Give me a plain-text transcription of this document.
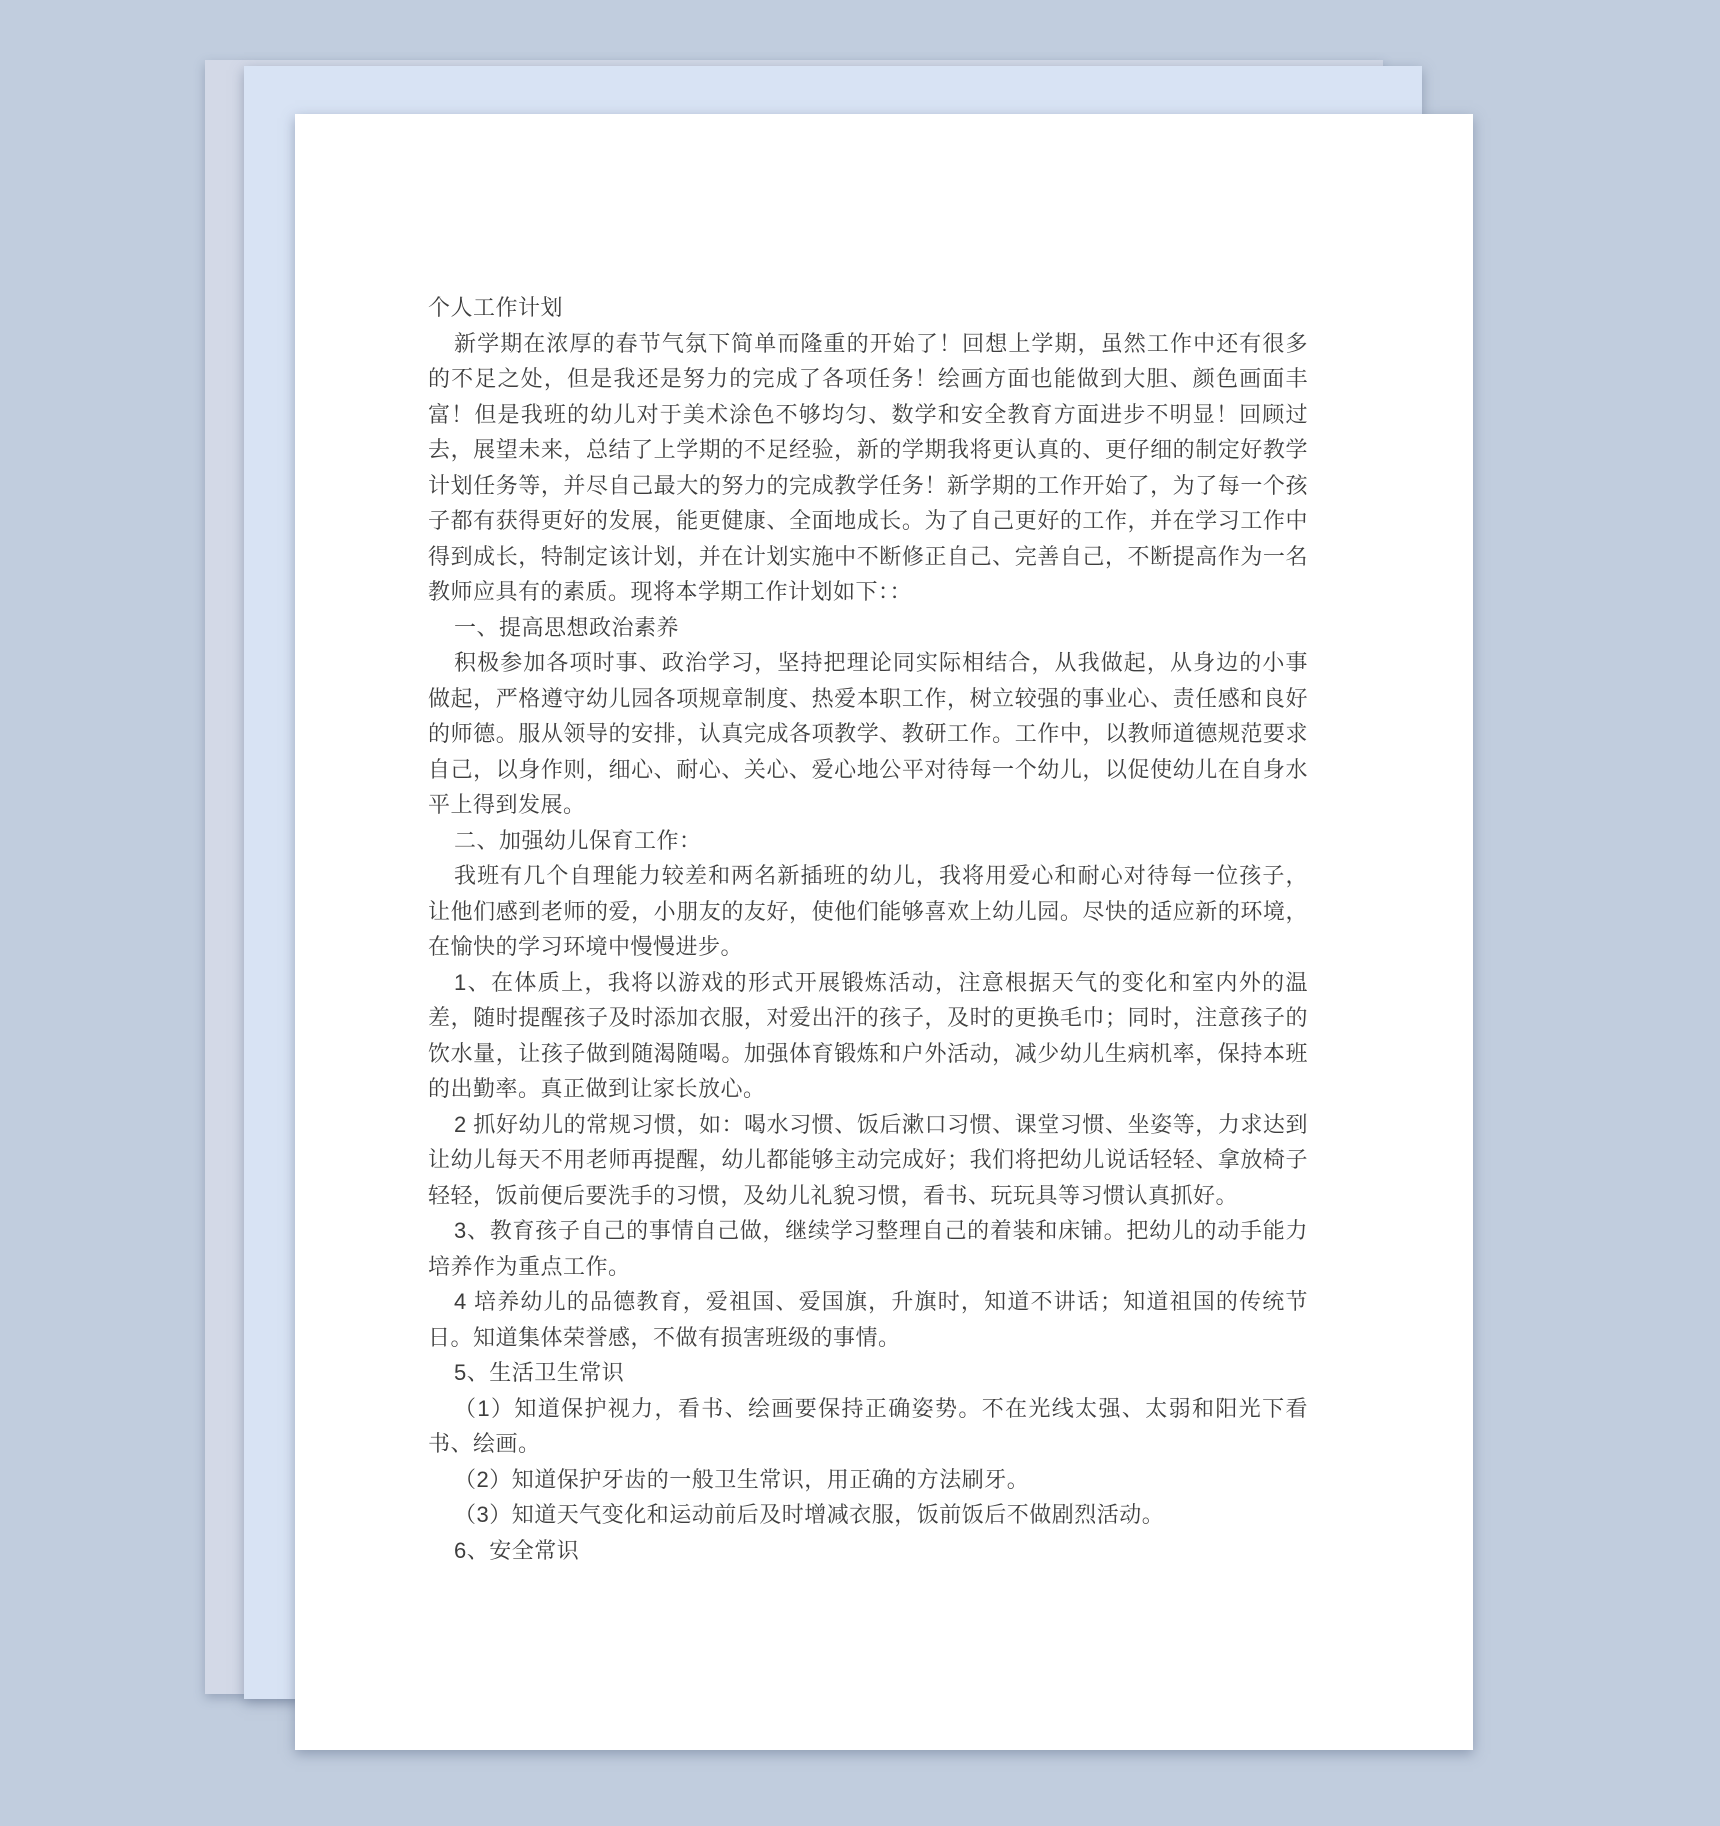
个人工作计划

新学期在浓厚的春节气氛下简单而隆重的开始了！回想上学期，虽然工作中还有很多的不足之处，但是我还是努力的完成了各项任务！绘画方面也能做到大胆、颜色画面丰富！但是我班的幼儿对于美术涂色不够均匀、数学和安全教育方面进步不明显！回顾过去，展望未来，总结了上学期的不足经验，新的学期我将更认真的、更仔细的制定好教学计划任务等，并尽自己最大的努力的完成教学任务！新学期的工作开始了，为了每一个孩子都有获得更好的发展，能更健康、全面地成长。为了自己更好的工作，并在学习工作中得到成长，特制定该计划，并在计划实施中不断修正自己、完善自己，不断提高作为一名教师应具有的素质。现将本学期工作计划如下：：

一、提高思想政治素养

积极参加各项时事、政治学习，坚持把理论同实际相结合，从我做起，从身边的小事做起，严格遵守幼儿园各项规章制度、热爱本职工作，树立较强的事业心、责任感和良好的师德。服从领导的安排，认真完成各项教学、教研工作。工作中，以教师道德规范要求自己，以身作则，细心、耐心、关心、爱心地公平对待每一个幼儿，以促使幼儿在自身水平上得到发展。

二、加强幼儿保育工作：

我班有几个自理能力较差和两名新插班的幼儿，我将用爱心和耐心对待每一位孩子，让他们感到老师的爱，小朋友的友好，使他们能够喜欢上幼儿园。尽快的适应新的环境，在愉快的学习环境中慢慢进步。

1、在体质上，我将以游戏的形式开展锻炼活动，注意根据天气的变化和室内外的温差，随时提醒孩子及时添加衣服，对爱出汗的孩子，及时的更换毛巾；同时，注意孩子的饮水量，让孩子做到随渴随喝。加强体育锻炼和户外活动，减少幼儿生病机率，保持本班的出勤率。真正做到让家长放心。

2 抓好幼儿的常规习惯，如：喝水习惯、饭后漱口习惯、课堂习惯、坐姿等，力求达到让幼儿每天不用老师再提醒，幼儿都能够主动完成好；我们将把幼儿说话轻轻、拿放椅子轻轻，饭前便后要洗手的习惯，及幼儿礼貌习惯，看书、玩玩具等习惯认真抓好。

3、教育孩子自己的事情自己做，继续学习整理自己的着装和床铺。把幼儿的动手能力培养作为重点工作。

4 培养幼儿的品德教育，爱祖国、爱国旗，升旗时，知道不讲话；知道祖国的传统节日。知道集体荣誉感，不做有损害班级的事情。

5、生活卫生常识

（1）知道保护视力，看书、绘画要保持正确姿势。不在光线太强、太弱和阳光下看书、绘画。

（2）知道保护牙齿的一般卫生常识，用正确的方法刷牙。

（3）知道天气变化和运动前后及时增减衣服，饭前饭后不做剧烈活动。

6、安全常识
